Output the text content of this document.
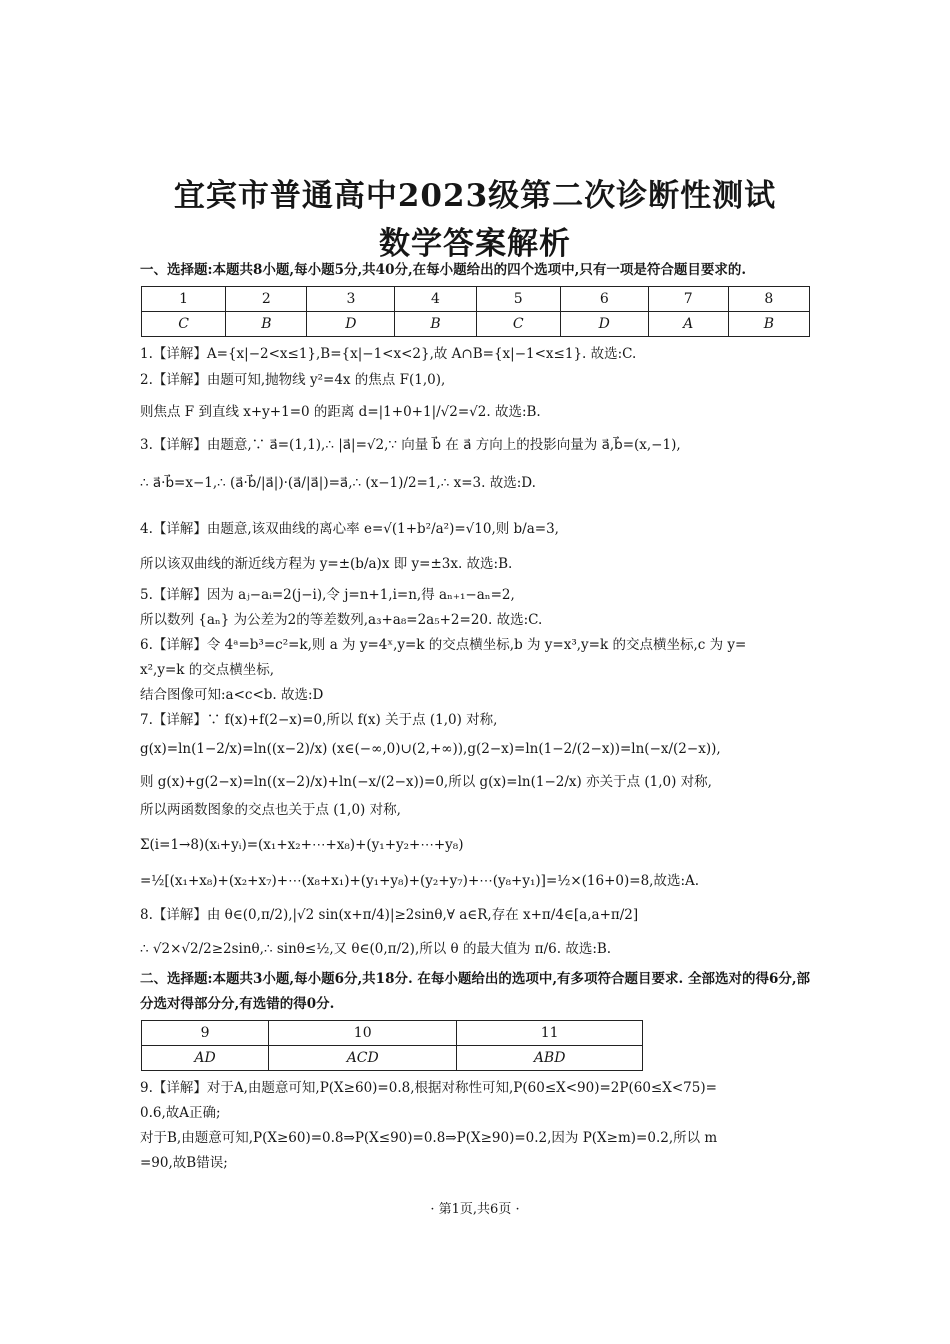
宜宾市普通高中2023级第二次诊断性测试
数学答案解析
一、选择题:本题共8小题,每小题5分,共40分,在每小题给出的四个选项中,只有一项是符合题目要求的.
1	2	3	4	5	6	7	8
C	B	D	B	C	D	A	B
1.【详解】A={x|−2<x≤1},B={x|−1<x<2},故 A∩B={x|−1<x≤1}. 故选:C.
2.【详解】由题可知,抛物线 y²=4x 的焦点 F(1,0),
则焦点 F 到直线 x+y+1=0 的距离 d=|1+0+1|/√2=√2. 故选:B.
3.【详解】由题意,∵ a⃗=(1,1),∴ |a⃗|=√2,∵ 向量 b⃗ 在 a⃗ 方向上的投影向量为 a⃗,b⃗=(x,−1),
∴ a⃗·b⃗=x−1,∴ (a⃗·b⃗/|a⃗|)·(a⃗/|a⃗|)=a⃗,∴ (x−1)/2=1,∴ x=3. 故选:D.
4.【详解】由题意,该双曲线的离心率 e=√(1+b²/a²)=√10,则 b/a=3,
所以该双曲线的渐近线方程为 y=±(b/a)x 即 y=±3x. 故选:B.
5.【详解】因为 aⱼ−aᵢ=2(j−i),令 j=n+1,i=n,得 aₙ₊₁−aₙ=2,
所以数列 {aₙ} 为公差为2的等差数列,a₃+a₈=2a₅+2=20. 故选:C.
6.【详解】令 4ᵃ=b³=c²=k,则 a 为 y=4ˣ,y=k 的交点横坐标,b 为 y=x³,y=k 的交点横坐标,c 为 y=
x²,y=k 的交点横坐标,
结合图像可知:a<c<b. 故选:D
7.【详解】∵ f(x)+f(2−x)=0,所以 f(x) 关于点 (1,0) 对称,
g(x)=ln(1−2/x)=ln((x−2)/x) (x∈(−∞,0)∪(2,+∞)),g(2−x)=ln(1−2/(2−x))=ln(−x/(2−x)),
则 g(x)+g(2−x)=ln((x−2)/x)+ln(−x/(2−x))=0,所以 g(x)=ln(1−2/x) 亦关于点 (1,0) 对称,
所以两函数图象的交点也关于点 (1,0) 对称,
Σ(i=1→8)(xᵢ+yᵢ)=(x₁+x₂+⋯+x₈)+(y₁+y₂+⋯+y₈)
=½[(x₁+x₈)+(x₂+x₇)+⋯(x₈+x₁)+(y₁+y₈)+(y₂+y₇)+⋯(y₈+y₁)]=½×(16+0)=8,故选:A.
8.【详解】由 θ∈(0,π/2),|√2 sin(x+π/4)|≥2sinθ,∀ a∈R,存在 x+π/4∈[a,a+π/2]
∴ √2×√2/2≥2sinθ,∴ sinθ≤½,又 θ∈(0,π/2),所以 θ 的最大值为 π/6. 故选:B.
二、选择题:本题共3小题,每小题6分,共18分. 在每小题给出的选项中,有多项符合题目要求. 全部选对的得6分,部分选对得部分分,有选错的得0分.
9	10	11
AD	ACD	ABD
9.【详解】对于A,由题意可知,P(X≥60)=0.8,根据对称性可知,P(60≤X<90)=2P(60≤X<75)=
0.6,故A正确;
对于B,由题意可知,P(X≥60)=0.8⇒P(X≤90)=0.8⇒P(X≥90)=0.2,因为 P(X≥m)=0.2,所以 m
=90,故B错误;
· 第1页,共6页 ·
